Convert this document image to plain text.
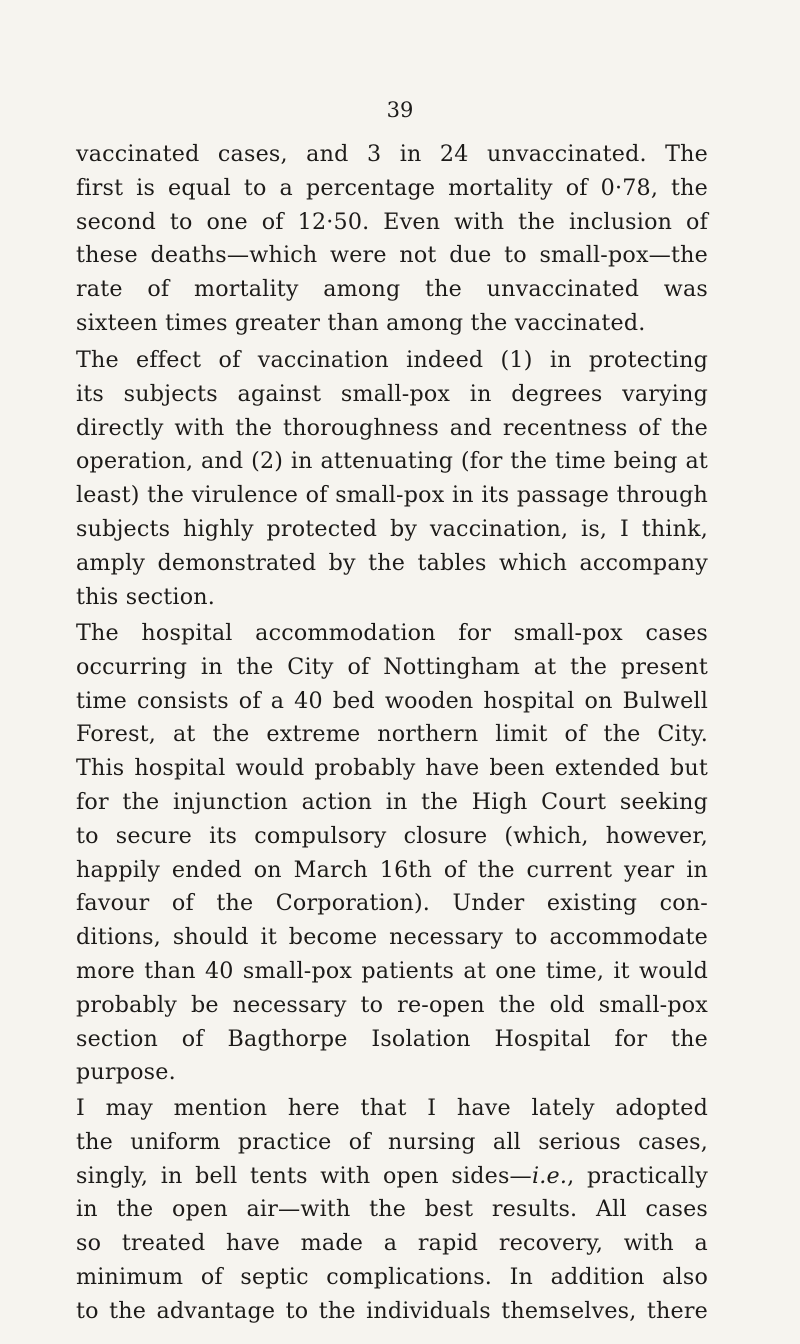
39
vaccinated cases, and 3 in 24 unvaccinated. The
first is equal to a percentage mortality of 0·78, the
second to one of 12·50. Even with the inclusion of
these deaths—which were not due to small-pox—the
rate of mortality among the unvaccinated was
sixteen times greater than among the vaccinated.
The effect of vaccination indeed (1) in protecting
its subjects against small-pox in degrees varying
directly with the thoroughness and recentness of the
operation, and (2) in attenuating (for the time being at
least) the virulence of small-pox in its passage through
subjects highly protected by vaccination, is, I think,
amply demonstrated by the tables which accompany
this section.
The hospital accommodation for small-pox cases
occurring in the City of Nottingham at the present
time consists of a 40 bed wooden hospital on Bulwell
Forest, at the extreme northern limit of the City.
This hospital would probably have been extended but
for the injunction action in the High Court seeking
to secure its compulsory closure (which, however,
happily ended on March 16th of the current year in
favour of the Corporation). Under existing con-
ditions, should it become necessary to accommodate
more than 40 small-pox patients at one time, it would
probably be necessary to re-open the old small-pox
section of Bagthorpe Isolation Hospital for the
purpose.
I may mention here that I have lately adopted
the uniform practice of nursing all serious cases,
singly, in bell tents with open sides—i.e., practically
in the open air—with the best results. All cases
so treated have made a rapid recovery, with a
minimum of septic complications. In addition also
to the advantage to the individuals themselves, there
